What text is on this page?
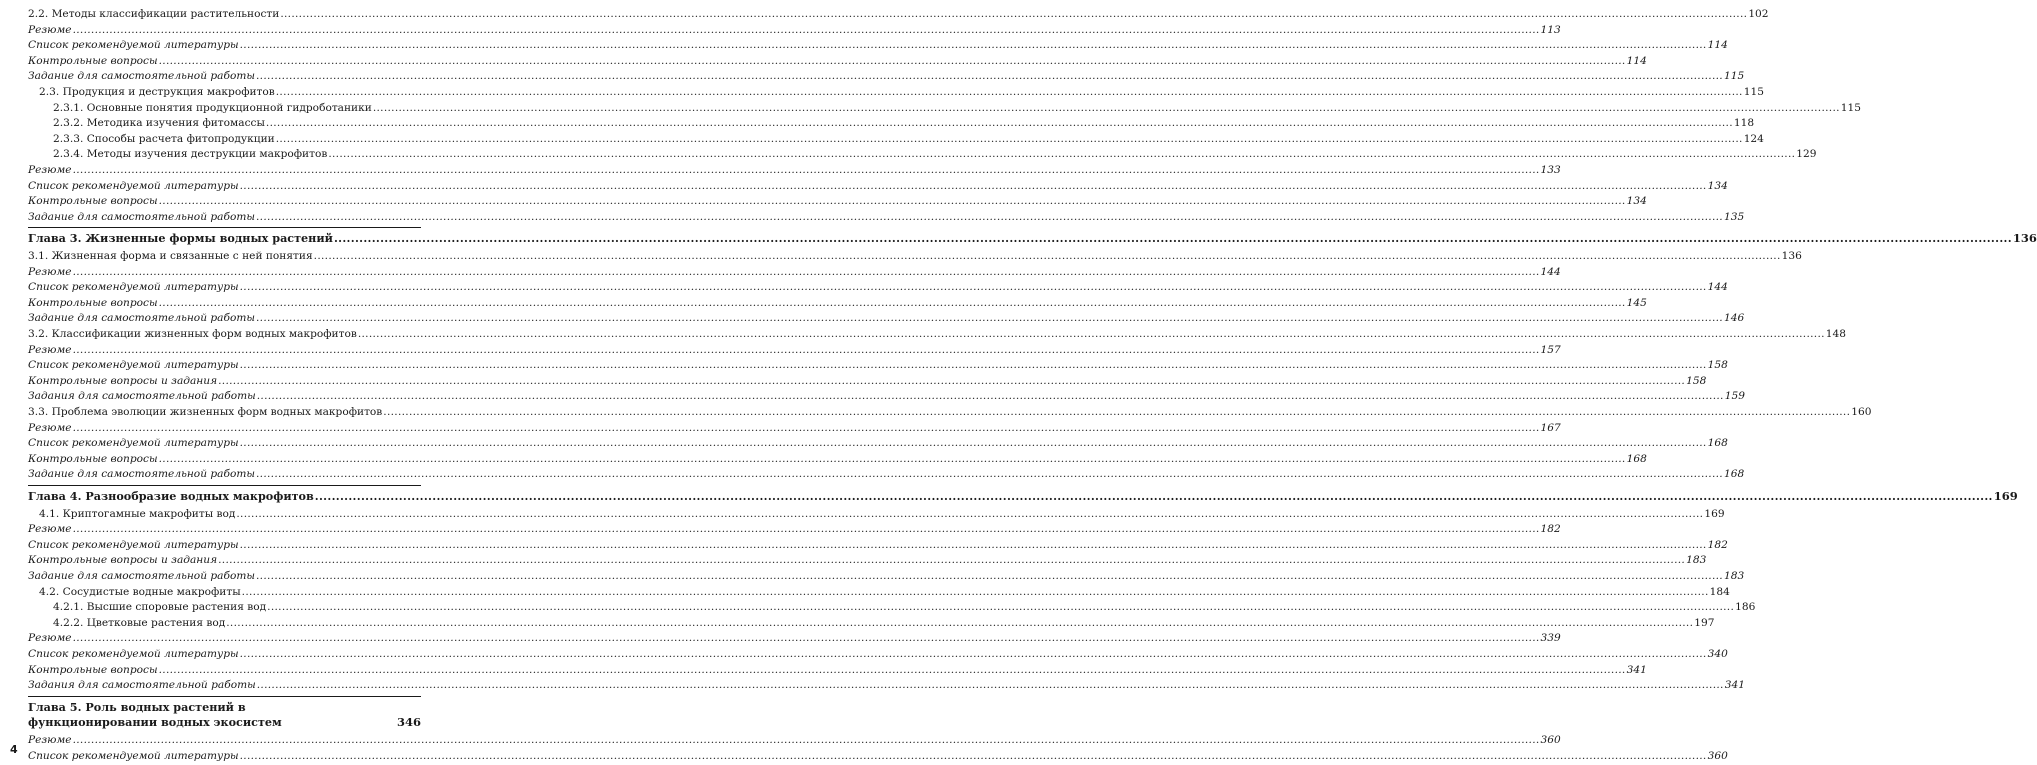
2.2. Методы классификации растительности ................................................................................................................................................................................................................................................................................................................................................................................................................ 102
Резюме ................................................................................................................................................................................................................................................................................................................................................................................................................ 113
Список рекомендуемой литературы ................................................................................................................................................................................................................................................................................................................................................................................................................ 114
Контрольные вопросы ................................................................................................................................................................................................................................................................................................................................................................................................................ 114
Задание для самостоятельной работы ................................................................................................................................................................................................................................................................................................................................................................................................................ 115
2.3. Продукция и деструкция макрофитов ................................................................................................................................................................................................................................................................................................................................................................................................................ 115
2.3.1. Основные понятия продукционной гидроботаники ................................................................................................................................................................................................................................................................................................................................................................................................................ 115
2.3.2. Методика изучения фитомассы ................................................................................................................................................................................................................................................................................................................................................................................................................ 118
2.3.3. Способы расчета фитопродукции ................................................................................................................................................................................................................................................................................................................................................................................................................ 124
2.3.4. Методы изучения деструкции макрофитов ................................................................................................................................................................................................................................................................................................................................................................................................................ 129
Резюме ................................................................................................................................................................................................................................................................................................................................................................................................................ 133
Список рекомендуемой литературы ................................................................................................................................................................................................................................................................................................................................................................................................................ 134
Контрольные вопросы ................................................................................................................................................................................................................................................................................................................................................................................................................ 134
Задание для самостоятельной работы ................................................................................................................................................................................................................................................................................................................................................................................................................ 135
Глава 3. Жизненные формы водных растений ................................................................................................................................................................................................................................................................................................................................................................................................................ 136
3.1. Жизненная форма и связанные с ней понятия ................................................................................................................................................................................................................................................................................................................................................................................................................ 136
Резюме ................................................................................................................................................................................................................................................................................................................................................................................................................ 144
Список рекомендуемой литературы ................................................................................................................................................................................................................................................................................................................................................................................................................ 144
Контрольные вопросы ................................................................................................................................................................................................................................................................................................................................................................................................................ 145
Задание для самостоятельной работы ................................................................................................................................................................................................................................................................................................................................................................................................................ 146
3.2. Классификации жизненных форм водных макрофитов ................................................................................................................................................................................................................................................................................................................................................................................................................ 148
Резюме ................................................................................................................................................................................................................................................................................................................................................................................................................ 157
Список рекомендуемой литературы ................................................................................................................................................................................................................................................................................................................................................................................................................ 158
Контрольные вопросы и задания ................................................................................................................................................................................................................................................................................................................................................................................................................ 158
Задания для самостоятельной работы ................................................................................................................................................................................................................................................................................................................................................................................................................ 159
3.3. Проблема эволюции жизненных форм водных макрофитов ................................................................................................................................................................................................................................................................................................................................................................................................................ 160
Резюме ................................................................................................................................................................................................................................................................................................................................................................................................................ 167
Список рекомендуемой литературы ................................................................................................................................................................................................................................................................................................................................................................................................................ 168
Контрольные вопросы ................................................................................................................................................................................................................................................................................................................................................................................................................ 168
Задание для самостоятельной работы ................................................................................................................................................................................................................................................................................................................................................................................................................ 168
Глава 4. Разнообразие водных макрофитов ................................................................................................................................................................................................................................................................................................................................................................................................................ 169
4.1. Криптогамные макрофиты вод ................................................................................................................................................................................................................................................................................................................................................................................................................ 169
Резюме ................................................................................................................................................................................................................................................................................................................................................................................................................ 182
Список рекомендуемой литературы ................................................................................................................................................................................................................................................................................................................................................................................................................ 182
Контрольные вопросы и задания ................................................................................................................................................................................................................................................................................................................................................................................................................ 183
Задание для самостоятельной работы ................................................................................................................................................................................................................................................................................................................................................................................................................ 183
4.2. Сосудистые водные макрофиты ................................................................................................................................................................................................................................................................................................................................................................................................................ 184
4.2.1. Высшие споровые растения вод ................................................................................................................................................................................................................................................................................................................................................................................................................ 186
4.2.2. Цветковые растения вод ................................................................................................................................................................................................................................................................................................................................................................................................................ 197
Резюме ................................................................................................................................................................................................................................................................................................................................................................................................................ 339
Список рекомендуемой литературы ................................................................................................................................................................................................................................................................................................................................................................................................................ 340
Контрольные вопросы ................................................................................................................................................................................................................................................................................................................................................................................................................ 341
Задания для самостоятельной работы ................................................................................................................................................................................................................................................................................................................................................................................................................ 341
Глава 5. Роль водных растений в функционировании водных экосистем	346
Резюме ................................................................................................................................................................................................................................................................................................................................................................................................................ 360
Список рекомендуемой литературы ................................................................................................................................................................................................................................................................................................................................................................................................................ 360
4
